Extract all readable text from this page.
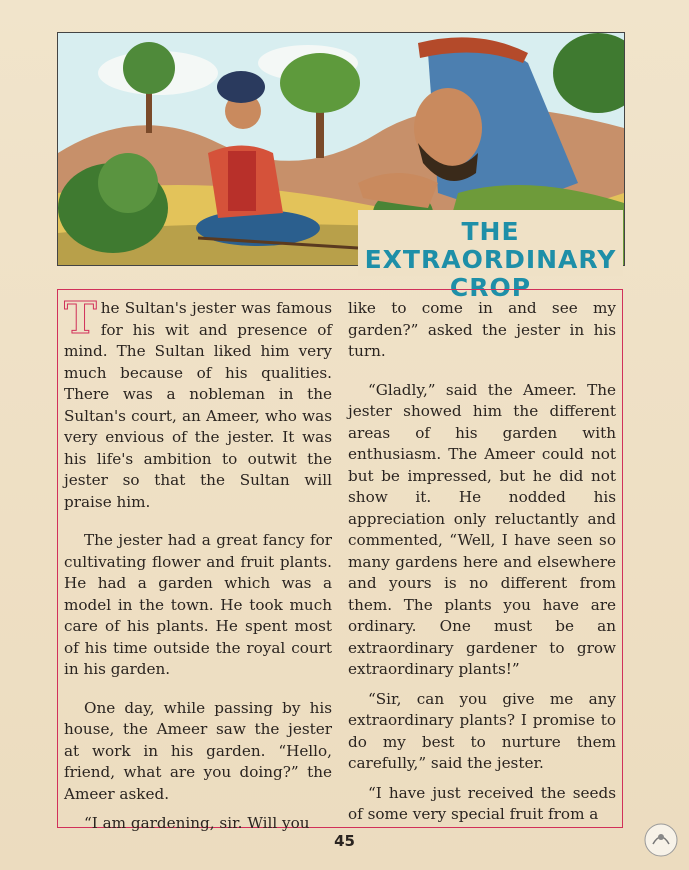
THE EXTRAORDINARY
CROP

The Sultan's jester was famous for his wit and presence of mind. The Sultan liked him very much because of his qualities. There was a nobleman in the Sultan's court, an Ameer, who was very envious of the jester. It was his life's ambition to outwit the jester so that the Sultan will praise him.

The jester had a great fancy for cultivating flower and fruit plants. He had a garden which was a model in the town. He took much care of his plants. He spent most of his time outside the royal court in his garden.

One day, while passing by his house, the Ameer saw the jester at work in his garden. “Hello, friend, what are you doing?” the Ameer asked.

“I am gardening, sir. Will you

like to come in and see my garden?” asked the jester in his turn.

“Gladly,” said the Ameer. The jester showed him the different areas of his garden with enthusiasm. The Ameer could not but be impressed, but he did not show it. He nodded his appreciation only reluctantly and commented, “Well, I have seen so many gardens here and elsewhere and yours is no different from them. The plants you have are ordinary. One must be an extraordinary gardener to grow extraordinary plants!”

“Sir, can you give me any extraordinary plants? I promise to do my best to nurture them carefully,” said the jester.

“I have just received the seeds of some very special fruit from a

45
